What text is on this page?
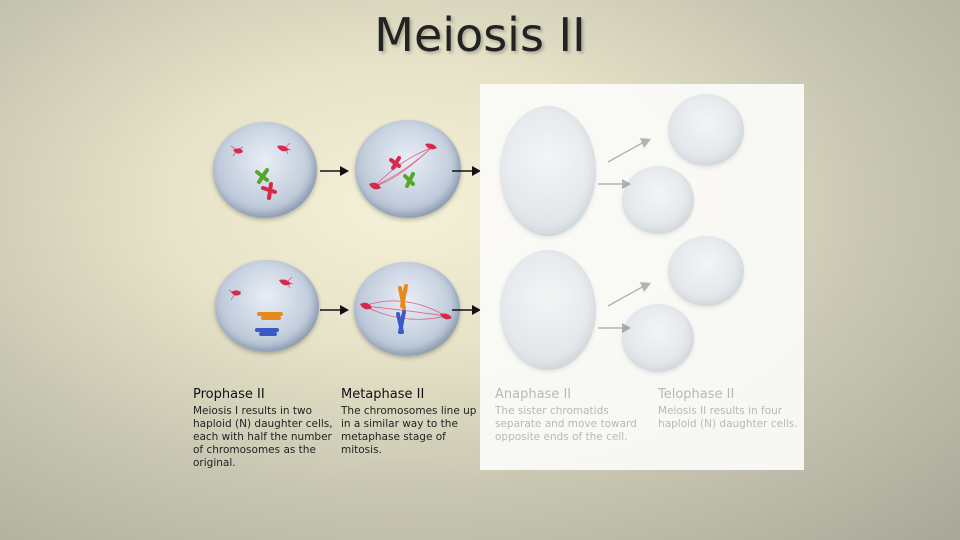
Meiosis II
Prophase II
Meiosis I results in two haploid (N) daughter cells, each with half the number of chromosomes as the original.
Metaphase II
The chromosomes line up in a similar way to the metaphase stage of mitosis.
Anaphase II
The sister chromatids separate and move toward opposite ends of the cell.
Telophase II
Meiosis II results in four haploid (N) daughter cells.
